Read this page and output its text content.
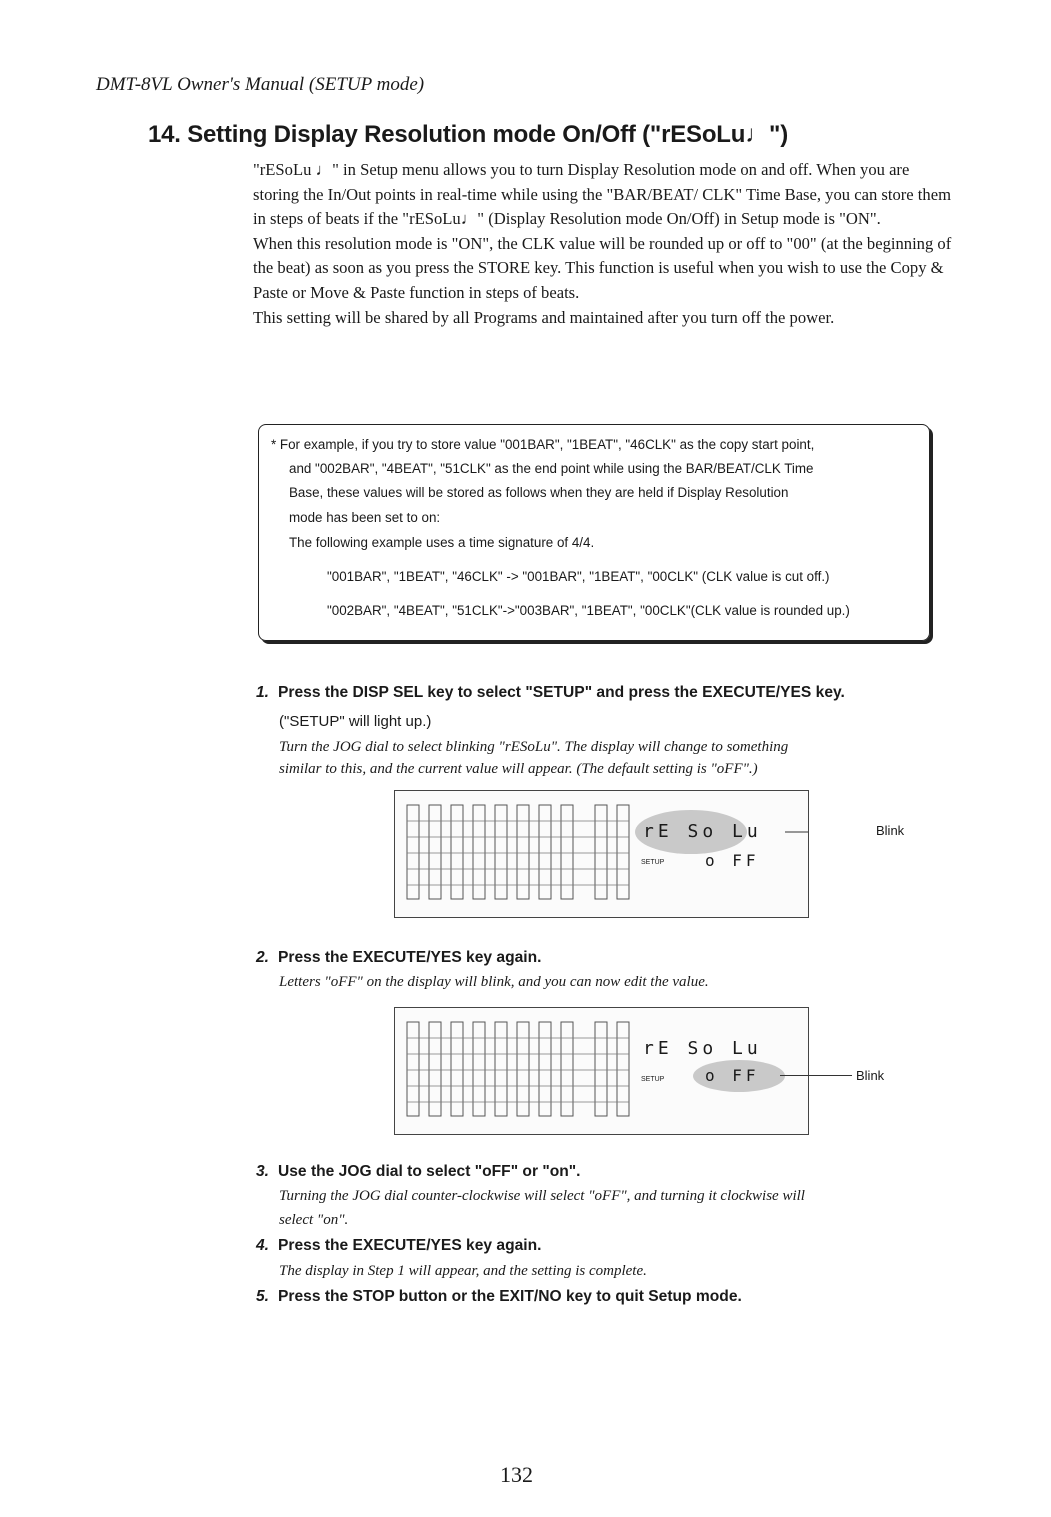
DMT-8VL Owner's Manual (SETUP mode)
14. Setting Display Resolution mode On/Off ("rESoLu♩")

"rESoLu ♩" in Setup menu allows you to turn Display Resolution mode on and off. When you are storing the In/Out points in real-time while using the "BAR/BEAT/ CLK" Time Base, you can store them in steps of beats if the "rESoLu♩" (Display Resolution mode On/Off) in Setup mode is "ON".

When this resolution mode is "ON", the CLK value will be rounded up or off to "00" (at the beginning of the beat) as soon as you press the STORE key. This function is useful when you wish to use the Copy & Paste or Move & Paste function in steps of beats.

This setting will be shared by all Programs and maintained after you turn off the power.

* For example, if you try to store value "001BAR", "1BEAT", "46CLK" as the copy start point,
and "002BAR", "4BEAT", "51CLK" as the end point while using the BAR/BEAT/CLK Time
Base, these values will be stored as follows when they are held if Display Resolution
mode has been set to on:
The following example uses a time signature of 4/4.
"001BAR", "1BEAT", "46CLK" -> "001BAR", "1BEAT", "00CLK" (CLK value is cut off.)
"002BAR", "4BEAT", "51CLK"->"003BAR", "1BEAT", "00CLK"(CLK value is rounded up.)
1. Press the DISP SEL key to select "SETUP" and press the EXECUTE/YES key.
("SETUP" will light up.)
Turn the JOG dial to select blinking "rESoLu". The display will change to something
similar to this, and the current value will appear. (The default setting is "oFF".)
rE So Lu
SETUP	o FF
Blink
2. Press the EXECUTE/YES key again.
Letters "oFF" on the display will blink, and you can now edit the value.
rE So Lu
SETUP	o FF	Blink
3. Use the JOG dial to select "oFF" or "on".
Turning the JOG dial counter-clockwise will select "oFF", and turning it clockwise will
select "on".
4. Press the EXECUTE/YES key again.
The display in Step 1 will appear, and the setting is complete.
5. Press the STOP button or the EXIT/NO key to quit Setup mode.
132
